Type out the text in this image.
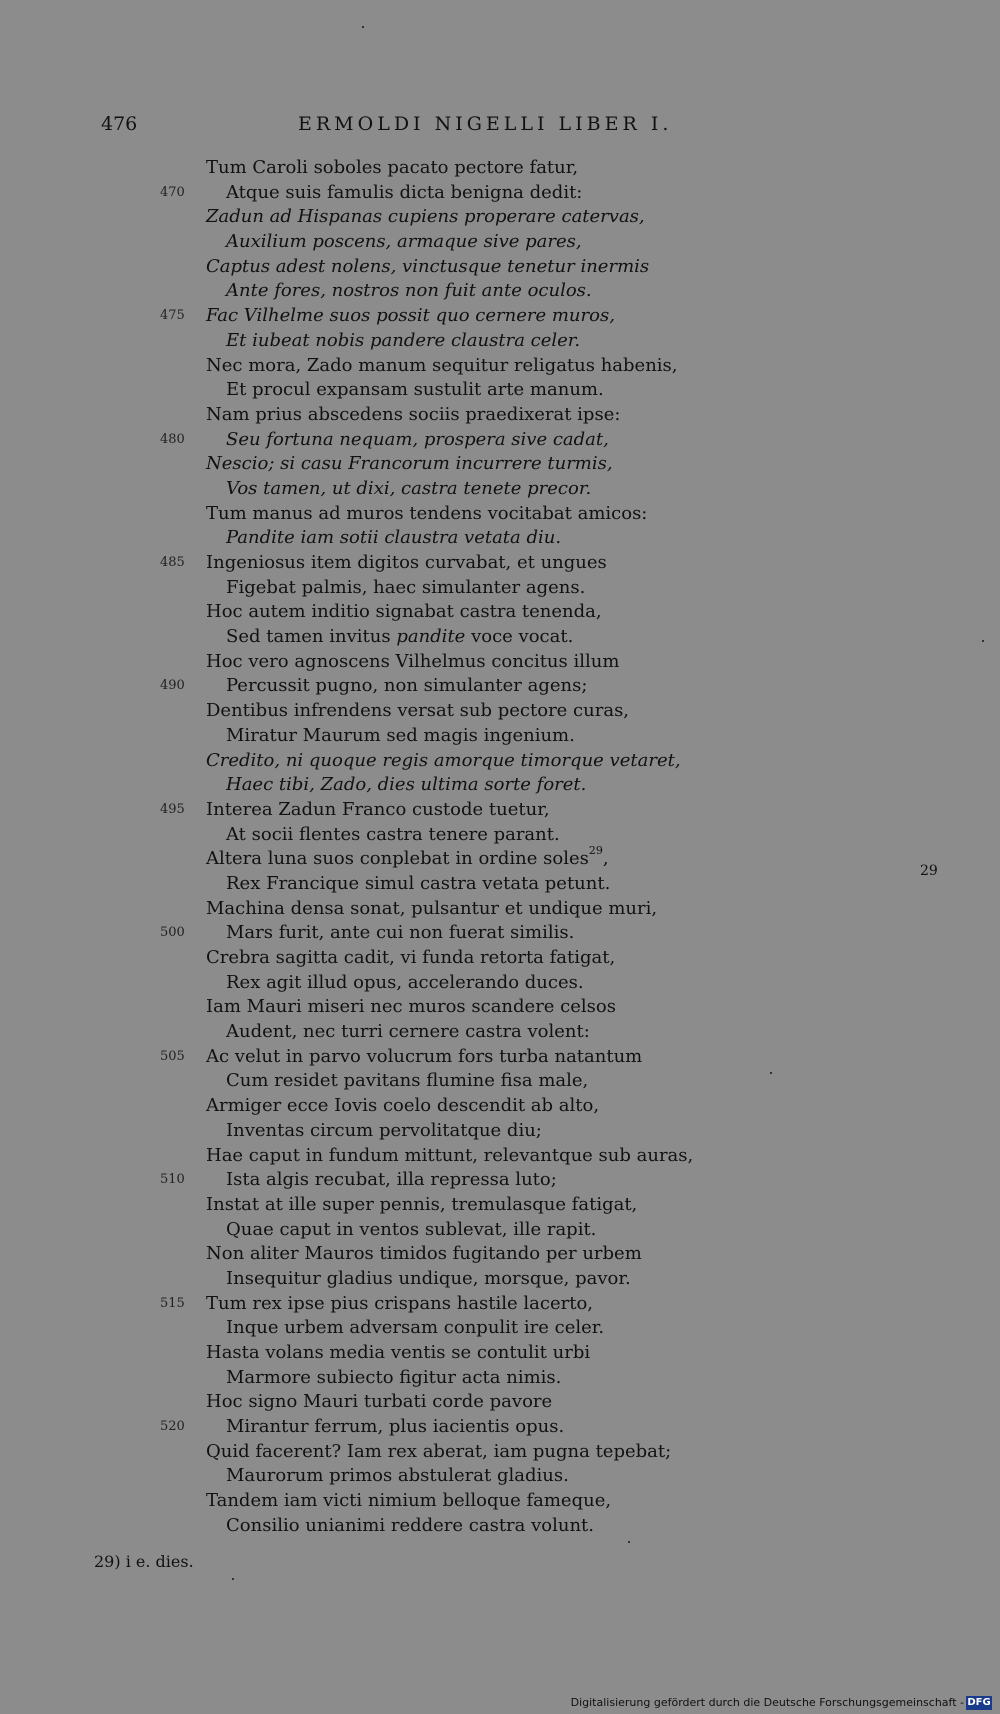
476	ERMOLDI NIGELLI LIBER I.
Tum Caroli soboles pacato pectore fatur,
470 Atque suis famulis dicta benigna dedit:
Zadun ad Hispanas cupiens properare catervas,
Auxilium poscens, armaque sive pares,
Captus adest nolens, vinctusque tenetur inermis
Ante fores, nostros non fuit ante oculos.
475 Fac Vilhelme suos possit quo cernere muros,
Et iubeat nobis pandere claustra celer.
Nec mora, Zado manum sequitur religatus habenis,
Et procul expansam sustulit arte manum.
Nam prius abscedens sociis praedixerat ipse:
480 Seu fortuna nequam, prospera sive cadat,
Nescio; si casu Francorum incurrere turmis,
Vos tamen, ut dixi, castra tenete precor.
Tum manus ad muros tendens vocitabat amicos:
Pandite iam sotii claustra vetata diu.
485 Ingeniosus item digitos curvabat, et ungues
Figebat palmis, haec simulanter agens.
Hoc autem inditio signabat castra tenenda,
Sed tamen invitus pandite voce vocat.
Hoc vero agnoscens Vilhelmus concitus illum
490 Percussit pugno, non simulanter agens;
Dentibus infrendens versat sub pectore curas,
Miratur Maurum sed magis ingenium.
Credito, ni quoque regis amorque timorque vetaret,
Haec tibi, Zado, dies ultima sorte foret.
495 Interea Zadun Franco custode tuetur,
At socii flentes castra tenere parant.
Altera luna suos conplebat in ordine soles$^{29}$,
Rex Francique simul castra vetata petunt.
Machina densa sonat, pulsantur et undique muri,
500 Mars furit, ante cui non fuerat similis.
Crebra sagitta cadit, vi funda retorta fatigat,
Rex agit illud opus, accelerando duces.
Iam Mauri miseri nec muros scandere celsos
Audent, nec turri cernere castra volent:
505 Ac velut in parvo volucrum fors turba natantum
Cum residet pavitans flumine fisa male,
Armiger ecce Iovis coelo descendit ab alto,
Inventas circum pervolitatque diu;
Hae caput in fundum mittunt, relevantque sub auras,
510 Ista algis recubat, illa repressa luto;
Instat at ille super pennis, tremulasque fatigat,
Quae caput in ventos sublevat, ille rapit.
Non aliter Mauros timidos fugitando per urbem
Insequitur gladius undique, morsque, pavor.
515 Tum rex ipse pius crispans hastile lacerto,
Inque urbem adversam conpulit ire celer.
Hasta volans media ventis se contulit urbi
Marmore subiecto figitur acta nimis.
Hoc signo Mauri turbati corde pavore
520 Mirantur ferrum, plus iacientis opus.
Quid facerent? Iam rex aberat, iam pugna tepebat;
Maurorum primos abstulerat gladius.
Tandem iam victi nimium belloque fameque,
Consilio unianimi reddere castra volunt.
29
29) i e. dies.
Digitalisierung gefördert durch die Deutsche Forschungsgemeinschaft - DFG
